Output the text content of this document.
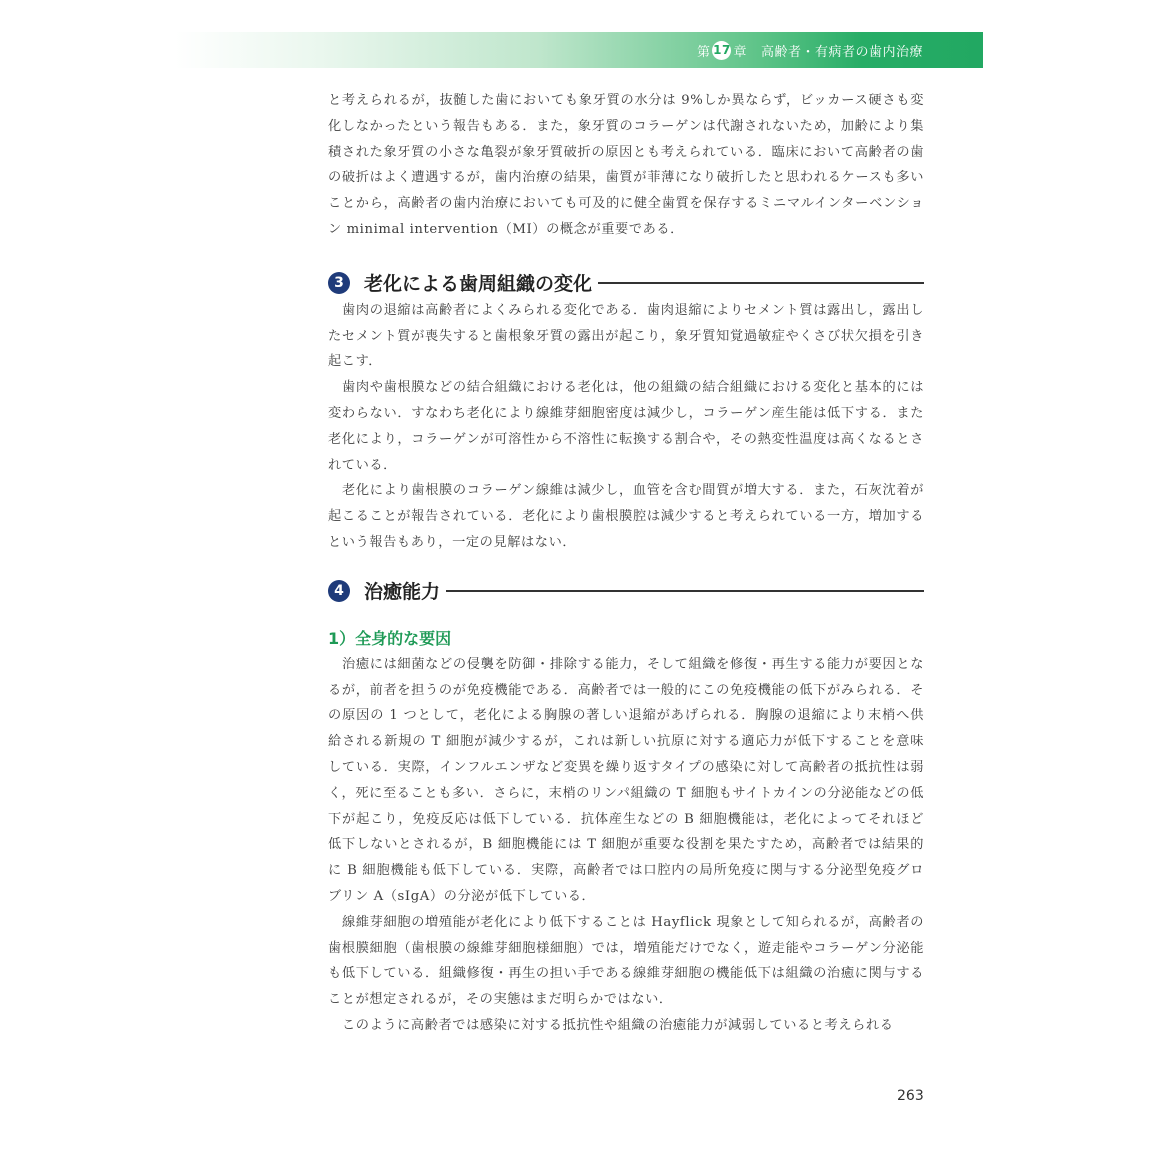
第 17 章 高齢者・有病者の歯内治療

と考えられるが，抜髄した歯においても象牙質の水分は 9%しか異ならず，ビッカース硬さも変化しなかったという報告もある．また，象牙質のコラーゲンは代謝されないため，加齢により集積された象牙質の小さな亀裂が象牙質破折の原因とも考えられている．臨床において高齢者の歯の破折はよく遭遇するが，歯内治療の結果，歯質が菲薄になり破折したと思われるケースも多いことから，高齢者の歯内治療においても可及的に健全歯質を保存するミニマルインターベンション minimal intervention（MI）の概念が重要である．

3	老化による歯周組織の変化

歯肉の退縮は高齢者によくみられる変化である．歯肉退縮によりセメント質は露出し，露出したセメント質が喪失すると歯根象牙質の露出が起こり，象牙質知覚過敏症やくさび状欠損を引き起こす．

歯肉や歯根膜などの結合組織における老化は，他の組織の結合組織における変化と基本的には変わらない．すなわち老化により線維芽細胞密度は減少し，コラーゲン産生能は低下する．また老化により，コラーゲンが可溶性から不溶性に転換する割合や，その熱変性温度は高くなるとされている．

老化により歯根膜のコラーゲン線維は減少し，血管を含む間質が増大する．また，石灰沈着が起こることが報告されている．老化により歯根膜腔は減少すると考えられている一方，増加するという報告もあり，一定の見解はない．

4	治癒能力
1）全身的な要因

治癒には細菌などの侵襲を防御・排除する能力，そして組織を修復・再生する能力が要因となるが，前者を担うのが免疫機能である．高齢者では一般的にこの免疫機能の低下がみられる．その原因の 1 つとして，老化による胸腺の著しい退縮があげられる．胸腺の退縮により末梢へ供給される新規の T 細胞が減少するが，これは新しい抗原に対する適応力が低下することを意味している．実際，インフルエンザなど変異を繰り返すタイプの感染に対して高齢者の抵抗性は弱く，死に至ることも多い．さらに，末梢のリンパ組織の T 細胞もサイトカインの分泌能などの低下が起こり，免疫反応は低下している．抗体産生などの B 細胞機能は，老化によってそれほど低下しないとされるが，B 細胞機能には T 細胞が重要な役割を果たすため，高齢者では結果的に B 細胞機能も低下している．実際，高齢者では口腔内の局所免疫に関与する分泌型免疫グロブリン A（sIgA）の分泌が低下している．

線維芽細胞の増殖能が老化により低下することは Hayflick 現象として知られるが，高齢者の歯根膜細胞（歯根膜の線維芽細胞様細胞）では，増殖能だけでなく，遊走能やコラーゲン分泌能も低下している．組織修復・再生の担い手である線維芽細胞の機能低下は組織の治癒に関与することが想定されるが，その実態はまだ明らかではない．

このように高齢者では感染に対する抵抗性や組織の治癒能力が減弱していると考えられる

263
